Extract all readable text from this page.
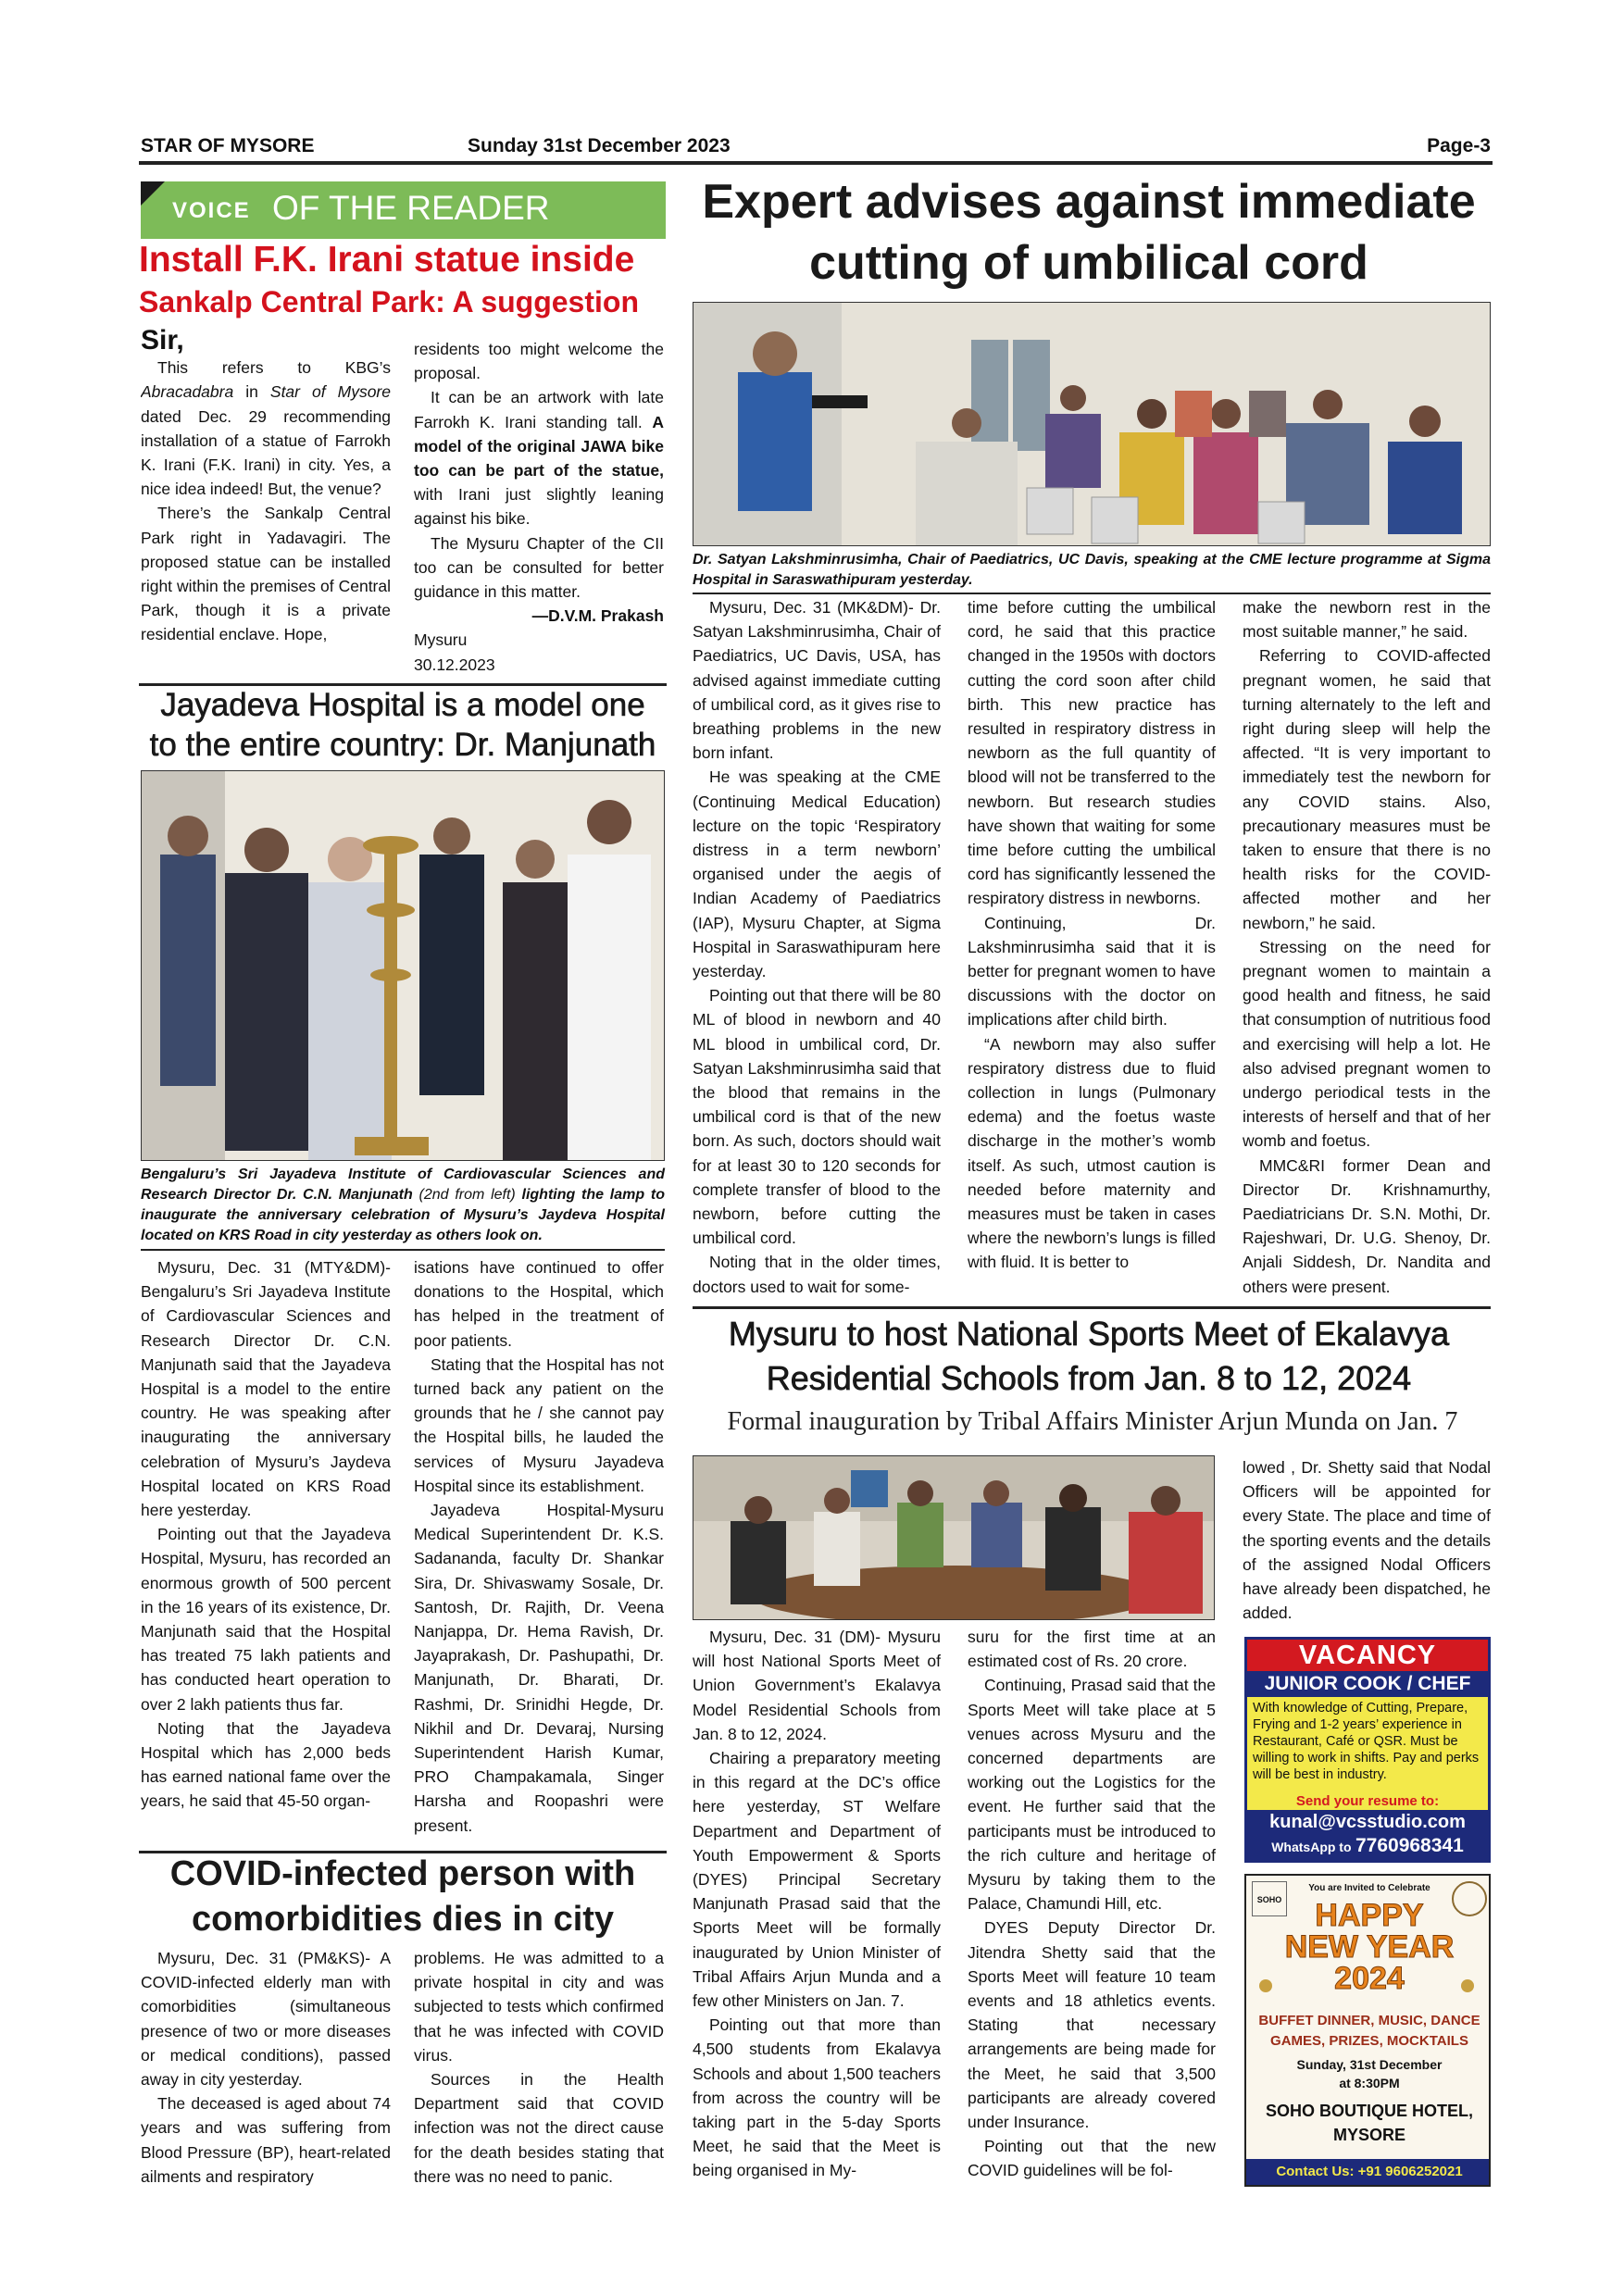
STAR OF MYSORE	Sunday 31st December 2023	Page-3
VOICE OF THE READER
Install F.K. Irani statue inside
Sankalp Central Park: A suggestion

Sir,

This refers to KBG’s Abracadabra in Star of Mysore dated Dec. 29 recommending installation of a statue of Farrokh K. Irani (F.K. Irani) in city. Yes, a nice idea indeed! But, the venue?

There’s the Sankalp Central Park right in Yadavagiri. The proposed statue can be installed right within the premises of Central Park, though it is a private residential enclave. Hope,

residents too might welcome the proposal.

It can be an artwork with late Farrokh K. Irani standing tall. A model of the original JAWA bike too can be part of the statue, with Irani just slightly leaning against his bike.

The Mysuru Chapter of the CII too can be consulted for better guidance in this matter.

—D.V.M. Prakash

Mysuru

30.12.2023

Jayadeva Hospital is a model one
to the entire country: Dr. Manjunath
Bengaluru’s Sri Jayadeva Institute of Cardiovascular Sciences and Research Director Dr. C.N. Manjunath (2nd from left) lighting the lamp to inaugurate the anniversary celebration of Mysuru’s Jaydeva Hospital located on KRS Road in city yesterday as others look on.

Mysuru, Dec. 31 (MTY&DM)- Bengaluru’s Sri Jayadeva Institute of Cardiovascular Sciences and Research Director Dr. C.N. Manjunath said that the Jayadeva Hospital is a model to the entire country. He was speaking after inaugurating the anniversary celebration of Mysuru’s Jaydeva Hospital located on KRS Road here yesterday.

Pointing out that the Jayadeva Hospital, Mysuru, has recorded an enormous growth of 500 percent in the 16 years of its existence, Dr. Manjunath said that the Hospital has treated 75 lakh patients and has conducted heart operation to over 2 lakh patients thus far.

Noting that the Jayadeva Hospital which has 2,000 beds has earned national fame over the years, he said that 45-50 organ-

isations have continued to offer donations to the Hospital, which has helped in the treatment of poor patients.

Stating that the Hospital has not turned back any patient on the grounds that he / she cannot pay the Hospital bills, he lauded the services of Mysuru Jayadeva Hospital since its establishment.

Jayadeva Hospital-Mysuru Medical Superintendent Dr. K.S. Sadananda, faculty Dr. Shankar Sira, Dr. Shivaswamy Sosale, Dr. Santosh, Dr. Rajith, Dr. Veena Nanjappa, Dr. Hema Ravish, Dr. Jayaprakash, Dr. Pashupathi, Dr. Manjunath, Dr. Bharati, Dr. Rashmi, Dr. Srinidhi Hegde, Dr. Nikhil and Dr. Devaraj, Nursing Superintendent Harish Kumar, PRO Champakamala, Singer Harsha and Roopashri were present.

COVID-infected person with
comorbidities dies in city

Mysuru, Dec. 31 (PM&KS)- A COVID-infected elderly man with comorbidities (simultaneous presence of two or more diseases or medical conditions), passed away in city yesterday.

The deceased is aged about 74 years and was suffering from Blood Pressure (BP), heart-related ailments and respiratory

problems. He was admitted to a private hospital in city and was subjected to tests which confirmed that he was infected with COVID virus.

Sources in the Health Department said that COVID infection was not the direct cause for the death besides stating that there was no need to panic.

Expert advises against immediate
cutting of umbilical cord
Dr. Satyan Lakshminrusimha, Chair of Paediatrics, UC Davis, speaking at the CME lecture programme at Sigma Hospital in Saraswathipuram yesterday.

Mysuru, Dec. 31 (MK&DM)- Dr. Satyan Lakshminrusimha, Chair of Paediatrics, UC Davis, USA, has advised against immediate cutting of umbilical cord, as it gives rise to breathing problems in the new born infant.

He was speaking at the CME (Continuing Medical Education) lecture on the topic ‘Respiratory distress in a term newborn’ organised under the aegis of Indian Academy of Paediatrics (IAP), Mysuru Chapter, at Sigma Hospital in Saraswathipuram here yesterday.

Pointing out that there will be 80 ML of blood in newborn and 40 ML blood in umbilical cord, Dr. Satyan Lakshminrusimha said that the blood that remains in the umbilical cord is that of the new born. As such, doctors should wait for at least 30 to 120 seconds for complete transfer of blood to the newborn, before cutting the umbilical cord.

Noting that in the older times, doctors used to wait for some-

time before cutting the umbilical cord, he said that this practice changed in the 1950s with doctors cutting the cord soon after child birth. This new practice has resulted in respiratory distress in newborn as the full quantity of blood will not be transferred to the newborn. But research studies have shown that waiting for some time before cutting the umbilical cord has significantly lessened the respiratory distress in newborns.

Continuing, Dr. Lakshminrusimha said that it is better for pregnant women to have discussions with the doctor on implications after child birth.

“A newborn may also suffer respiratory distress due to fluid collection in lungs (Pulmonary edema) and the foetus waste discharge in the mother’s womb itself. As such, utmost caution is needed before maternity and measures must be taken in cases where the newborn’s lungs is filled with fluid. It is better to

make the newborn rest in the most suitable manner,” he said.

Referring to COVID-affected pregnant women, he said that turning alternately to the left and right during sleep will help the affected. “It is very important to immediately test the newborn for any COVID stains. Also, precautionary measures must be taken to ensure that there is no health risks for the COVID-affected mother and her newborn,” he said.

Stressing on the need for pregnant women to maintain a good health and fitness, he said that consumption of nutritious food and exercising will help a lot. He also advised pregnant women to undergo periodical tests in the interests of herself and that of her womb and foetus.

MMC&RI former Dean and Director Dr. Krishnamurthy, Paediatricians Dr. S.N. Mothi, Dr. Rajeshwari, Dr. U.G. Shenoy, Dr. Anjali Siddesh, Dr. Nandita and others were present.

Mysuru to host National Sports Meet of Ekalavya
Residential Schools from Jan. 8 to 12, 2024
Formal inauguration by Tribal Affairs Minister Arjun Munda on Jan. 7

Mysuru, Dec. 31 (DM)- Mysuru will host National Sports Meet of Union Government’s Ekalavya Model Residential Schools from Jan. 8 to 12, 2024.

Chairing a preparatory meeting in this regard at the DC’s office here yesterday, ST Welfare Department and Department of Youth Empowerment & Sports (DYES) Principal Secretary Manjunath Prasad said that the Sports Meet will be formally inaugurated by Union Minister of Tribal Affairs Arjun Munda and a few other Ministers on Jan. 7.

Pointing out that more than 4,500 students from Ekalavya Schools and about 1,500 teachers from across the country will be taking part in the 5-day Sports Meet, he said that the Meet is being organised in My-

suru for the first time at an estimated cost of Rs. 20 crore.

Continuing, Prasad said that the Sports Meet will take place at 5 venues across Mysuru and the concerned departments are working out the Logistics for the event. He further said that the participants must be introduced to the rich culture and heritage of Mysuru by taking them to the Palace, Chamundi Hill, etc.

DYES Deputy Director Dr. Jitendra Shetty said that the Sports Meet will feature 10 team events and 18 athletics events. Stating that necessary arrangements are being made for the Meet, he said that 3,500 participants are already covered under Insurance.

Pointing out that the new COVID guidelines will be fol-

lowed , Dr. Shetty said that Nodal Officers will be appointed for every State. The place and time of the sporting events and the details of the assigned Nodal Officers have already been dispatched, he added.

VACANCY
JUNIOR COOK / CHEF
With knowledge of Cutting, Prepare, Frying and 1-2 years’ experience in Restaurant, Café or QSR. Must be willing to work in shifts. Pay and perks will be best in industry.
Send your resume to:
kunal@vcsstudio.com
WhatsApp to 7760968341
SOHO
You are Invited to Celebrate
HAPPY
NEW YEAR
2024
BUFFET DINNER, MUSIC, DANCE
GAMES, PRIZES, MOCKTAILS
Sunday, 31st December
at 8:30PM
SOHO BOUTIQUE HOTEL,
MYSORE
Contact Us: +91 9606252021
